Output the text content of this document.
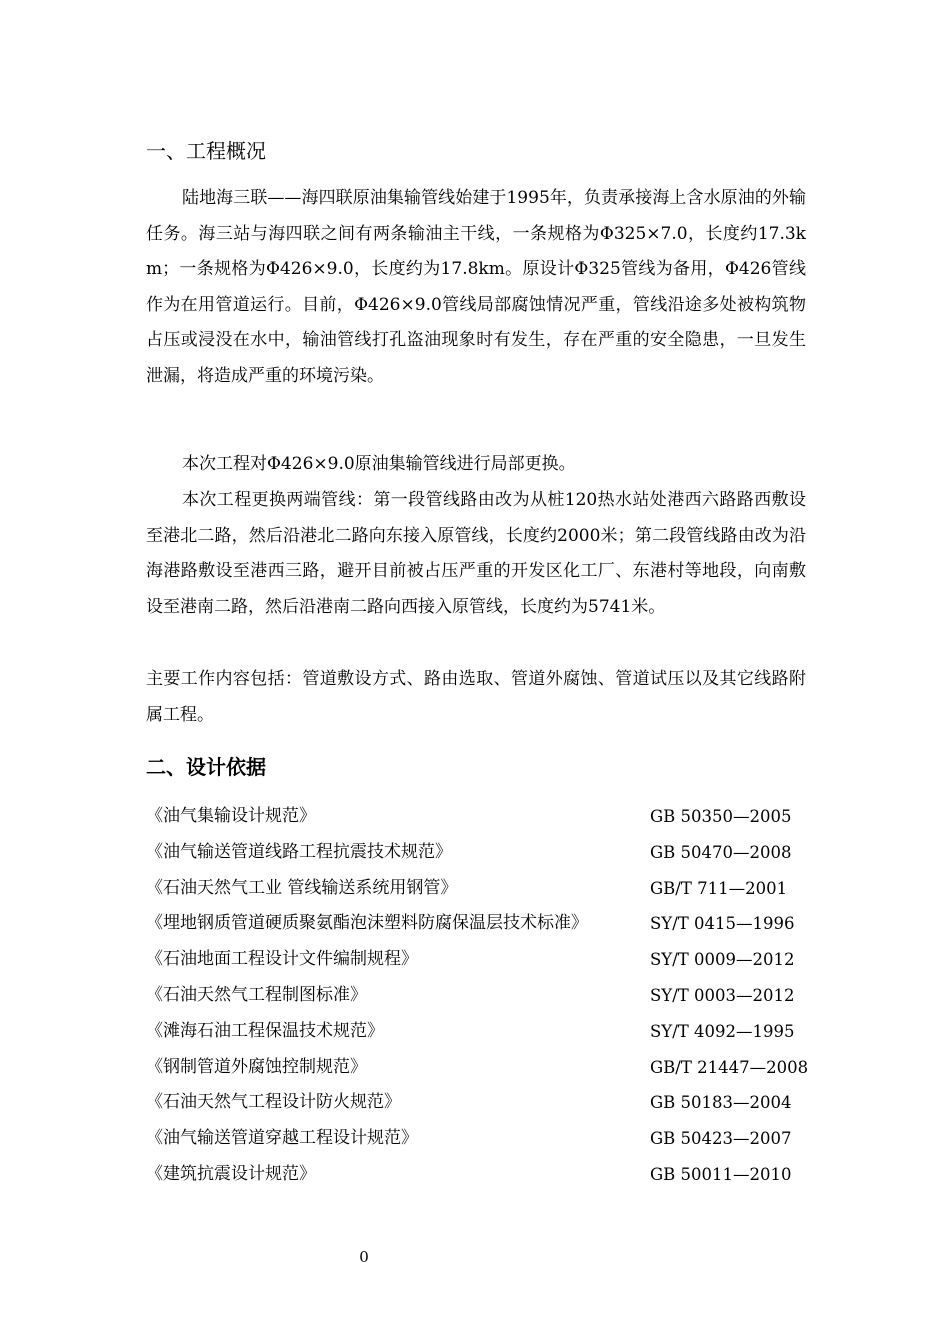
一、工程概况

陆地海三联——海四联原油集输管线始建于1995年，负责承接海上含水原油的外输任务。海三站与海四联之间有两条输油主干线，一条规格为Φ325×7.0，长度约17.3km；一条规格为Φ426×9.0，长度约为17.8km。原设计Φ325管线为备用，Φ426管线作为在用管道运行。目前，Φ426×9.0管线局部腐蚀情况严重，管线沿途多处被构筑物占压或浸没在水中，输油管线打孔盗油现象时有发生，存在严重的安全隐患，一旦发生泄漏，将造成严重的环境污染。

本次工程对Φ426×9.0原油集输管线进行局部更换。

本次工程更换两端管线：第一段管线路由改为从桩120热水站处港西六路路西敷设至港北二路，然后沿港北二路向东接入原管线，长度约2000米；第二段管线路由改为沿海港路敷设至港西三路，避开目前被占压严重的开发区化工厂、东港村等地段，向南敷设至港南二路，然后沿港南二路向西接入原管线，长度约为5741米。

主要工作内容包括：管道敷设方式、路由选取、管道外腐蚀、管道试压以及其它线路附属工程。

二、设计依据
《油气集输设计规范》	GB 50350—2005
《油气输送管道线路工程抗震技术规范》	GB 50470—2008
《石油天然气工业 管线输送系统用钢管》	GB/T 711—2001
《埋地钢质管道硬质聚氨酯泡沫塑料防腐保温层技术标准》	SY/T 0415—1996
《石油地面工程设计文件编制规程》	SY/T 0009—2012
《石油天然气工程制图标准》	SY/T 0003—2012
《滩海石油工程保温技术规范》	SY/T 4092—1995
《钢制管道外腐蚀控制规范》	GB/T 21447—2008
《石油天然气工程设计防火规范》	GB 50183—2004
《油气输送管道穿越工程设计规范》	GB 50423—2007
《建筑抗震设计规范》	GB 50011—2010
0
